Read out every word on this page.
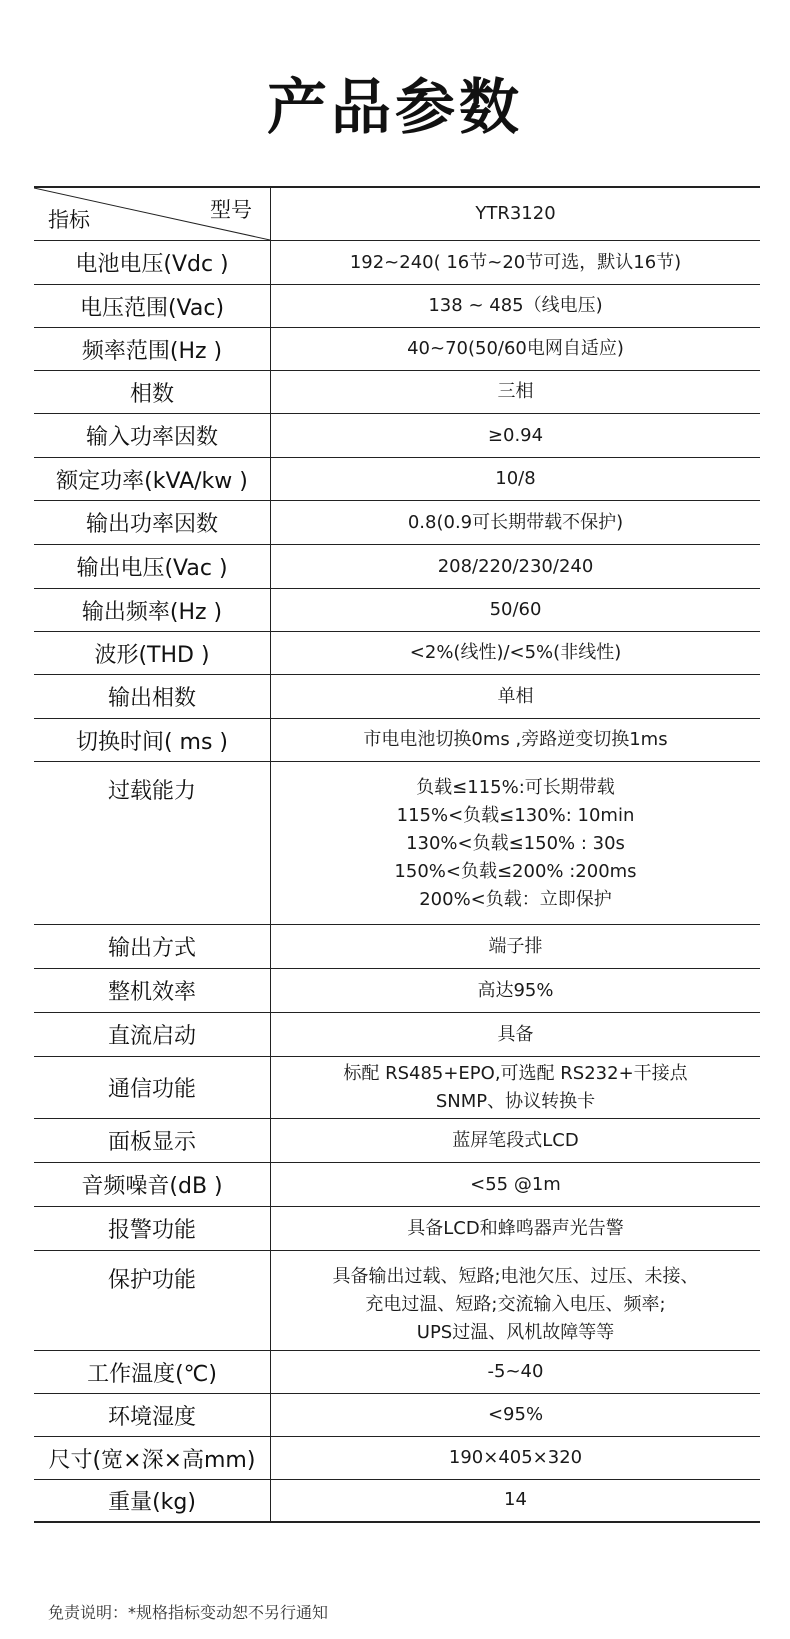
产品参数
型号
指标	YTR3120
电池电压(Vdc )	192~240( 16节~20节可选，默认16节)

电压范围(Vac)	138 ~ 485（线电压)

频率范围(Hz )	40~70(50/60电网自适应)

相数	三相

输入功率因数	≥0.94

额定功率(kVA/kw )	10/8

输出功率因数	0.8(0.9可长期带载不保护)

输出电压(Vac )	208/220/230/240

输出频率(Hz )	50/60

波形(THD )	<2%(线性)/<5%(非线性)

输出相数	单相

切换时间( ms )	市电电池切换0ms ,旁路逆变切换1ms

过载能力	负载≤115%:可长期带载
115%<负载≤130%: 10min
130%<负载≤150% : 30s
150%<负载≤200% :200ms
200%<负载：立即保护

输出方式	端子排

整机效率	高达95%

直流启动	具备

通信功能	标配 RS485+EPO,可选配 RS232+干接点
SNMP、协议转换卡

面板显示	蓝屏笔段式LCD

音频噪音(dB )	<55 @1m

报警功能	具备LCD和蜂鸣器声光告警

保护功能	具备输出过载、短路;电池欠压、过压、未接、
充电过温、短路;交流输入电压、频率;
UPS过温、风机故障等等

工作温度(℃)	-5~40

环境湿度	<95%

尺寸(宽×深×高mm)	190×405×320

重量(kg)	14
免责说明：*规格指标变动恕不另行通知
